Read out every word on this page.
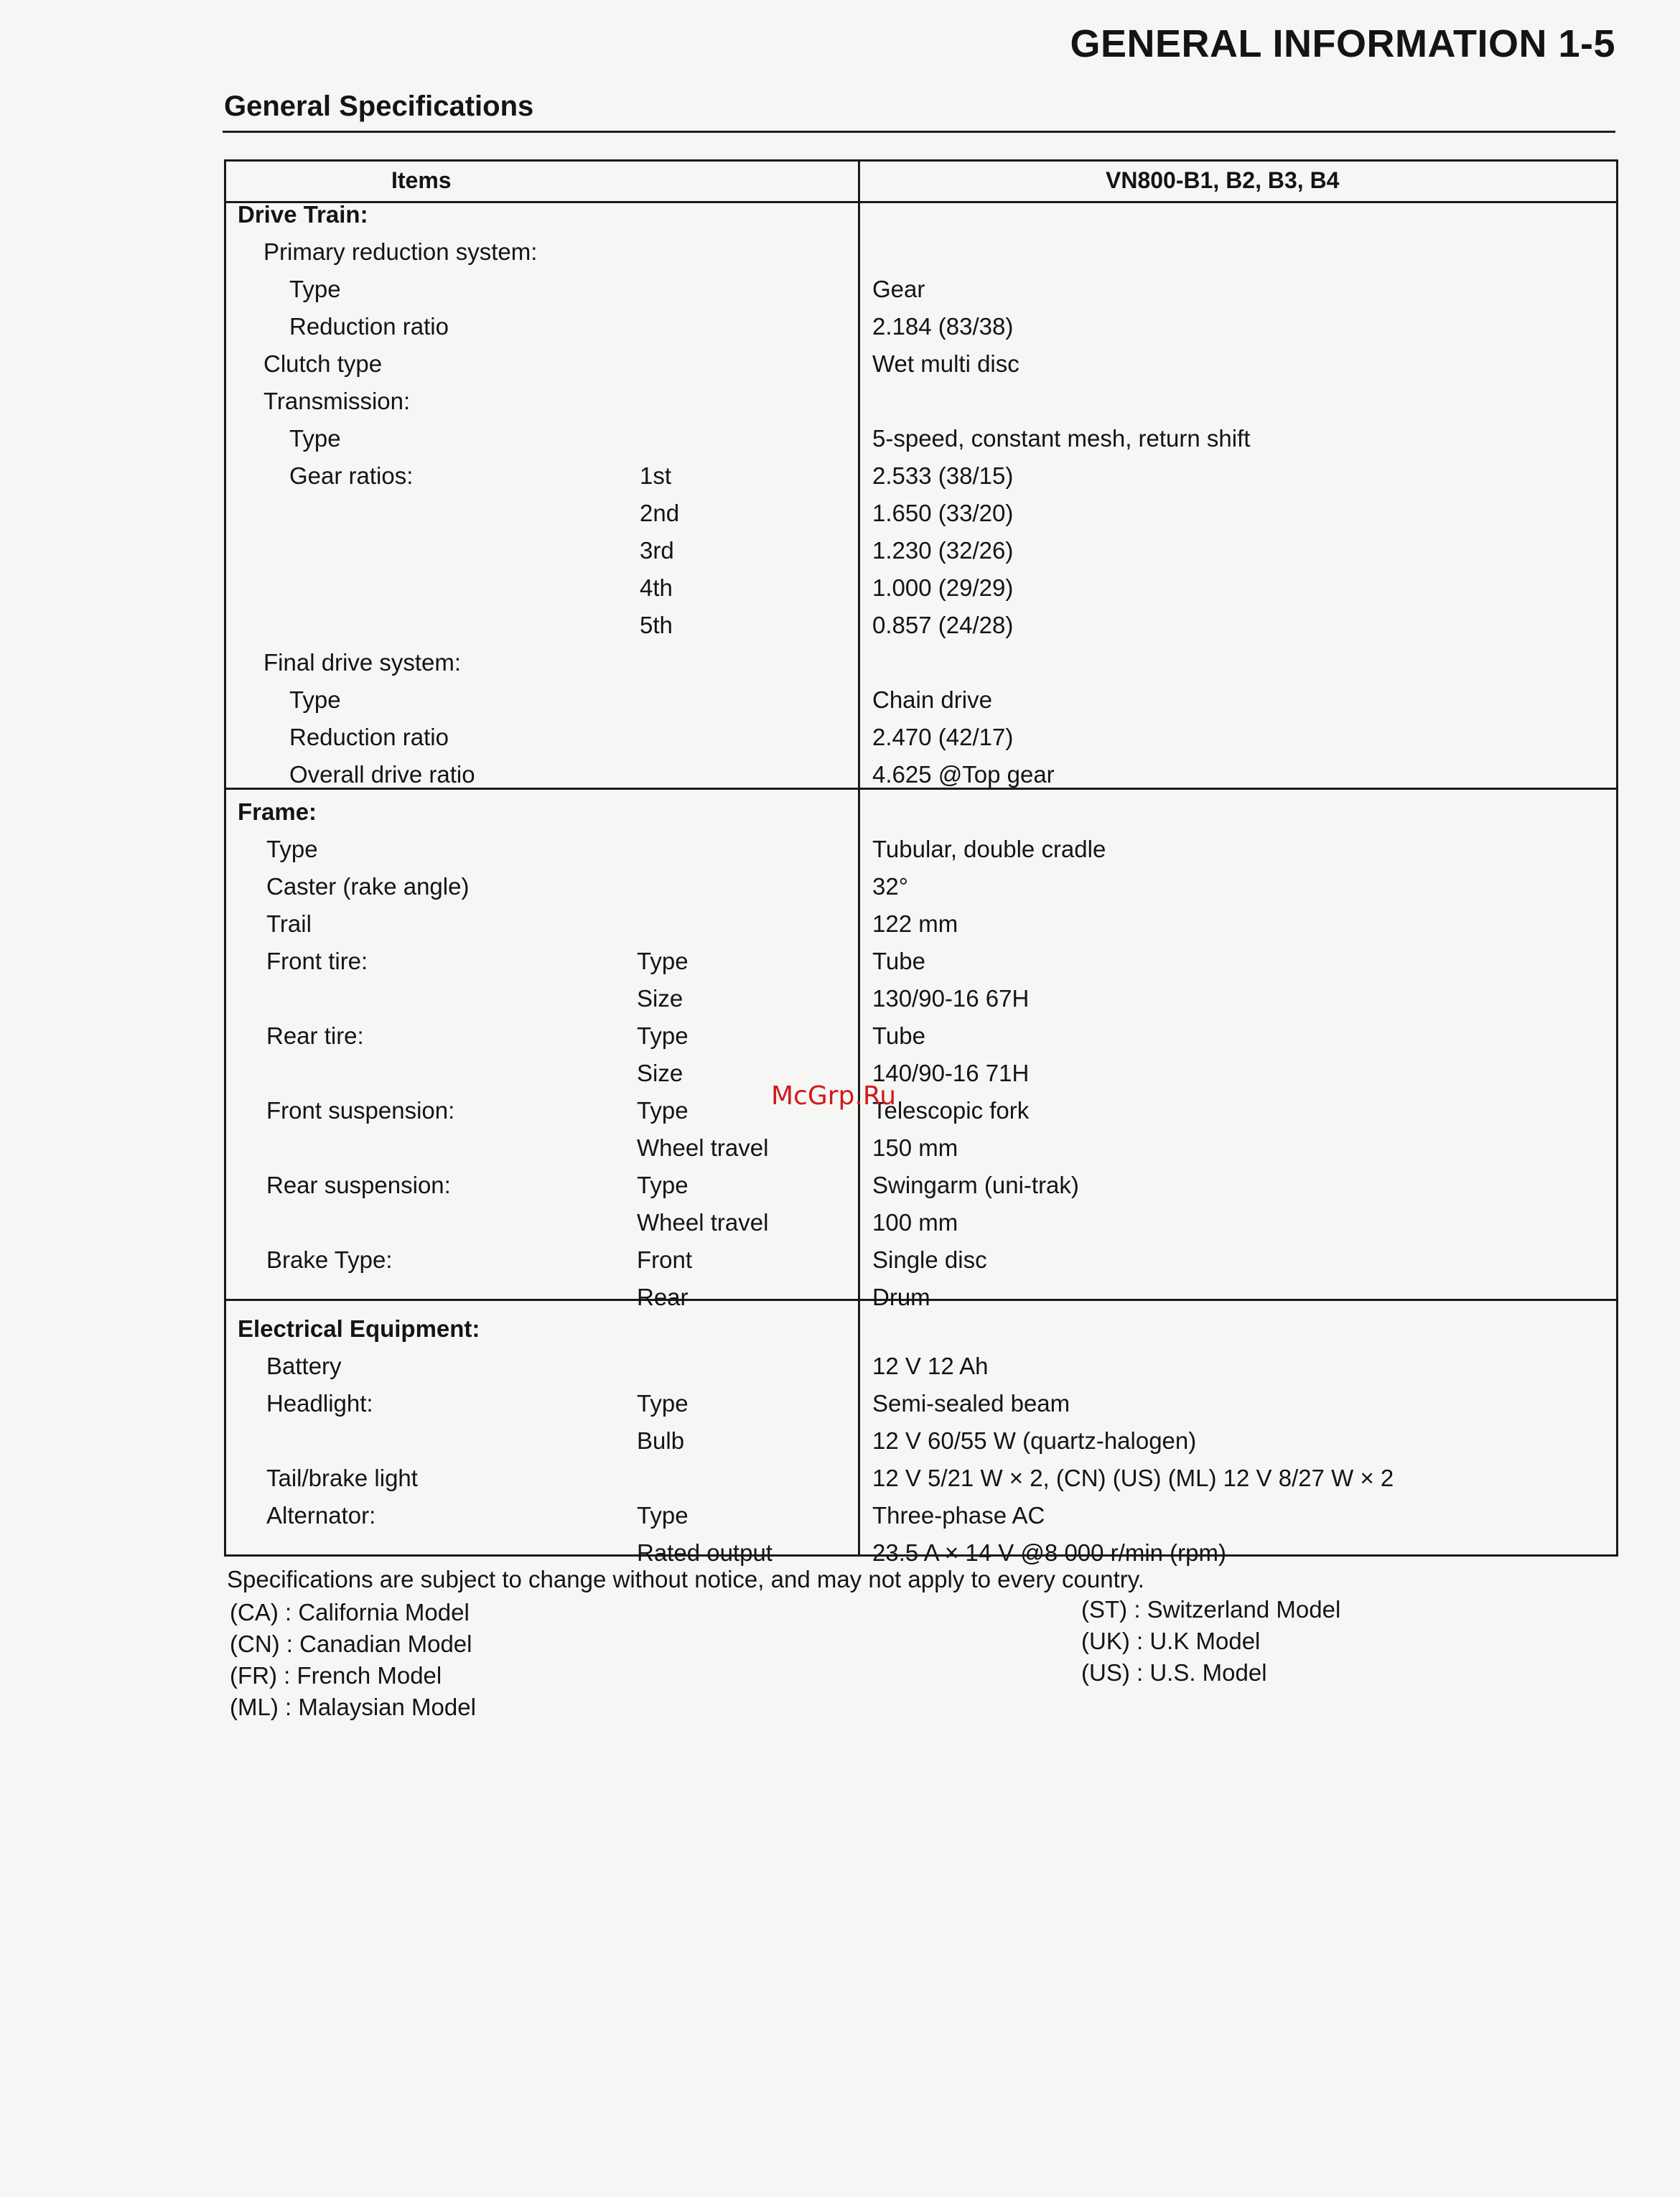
GENERAL INFORMATION 1-5
General Specifications
Items	VN800-B1, B2, B3, B4
Drive Train:
Primary reduction system:
Type	Gear
Reduction ratio	2.184 (83/38)
Clutch type	Wet multi disc
Transmission:
Type	5-speed, constant mesh, return shift
Gear ratios:	1st	2.533 (38/15)
2nd	1.650 (33/20)
3rd	1.230 (32/26)
4th	1.000 (29/29)
5th	0.857 (24/28)
Final drive system:
Type	Chain drive
Reduction ratio	2.470 (42/17)
Overall drive ratio	4.625 @Top gear
Frame:
Type	Tubular, double cradle
Caster (rake angle)	32°
Trail	122 mm
Front tire:	Type	Tube
Size	130/90-16 67H
Rear tire:	Type	Tube
Size	140/90-16 71H
Front suspension:	Type	Telescopic fork
Wheel travel	150 mm
Rear suspension:	Type	Swingarm (uni-trak)
Wheel travel	100 mm
Brake Type:	Front	Single disc
Rear	Drum
Electrical Equipment:
Battery	12 V 12 Ah
Headlight:	Type	Semi-sealed beam
Bulb	12 V 60/55 W (quartz-halogen)
Tail/brake light	12 V 5/21 W × 2, (CN) (US) (ML) 12 V 8/27 W × 2
Alternator:	Type	Three-phase AC
Rated output	23.5 A × 14 V @8 000 r/min (rpm)
McGrp.Ru
Specifications are subject to change without notice, and may not apply to every country.
(CA) : California Model
(CN) : Canadian Model
(FR) : French Model
(ML) : Malaysian Model
(ST) : Switzerland Model
(UK) : U.K Model
(US) : U.S. Model
